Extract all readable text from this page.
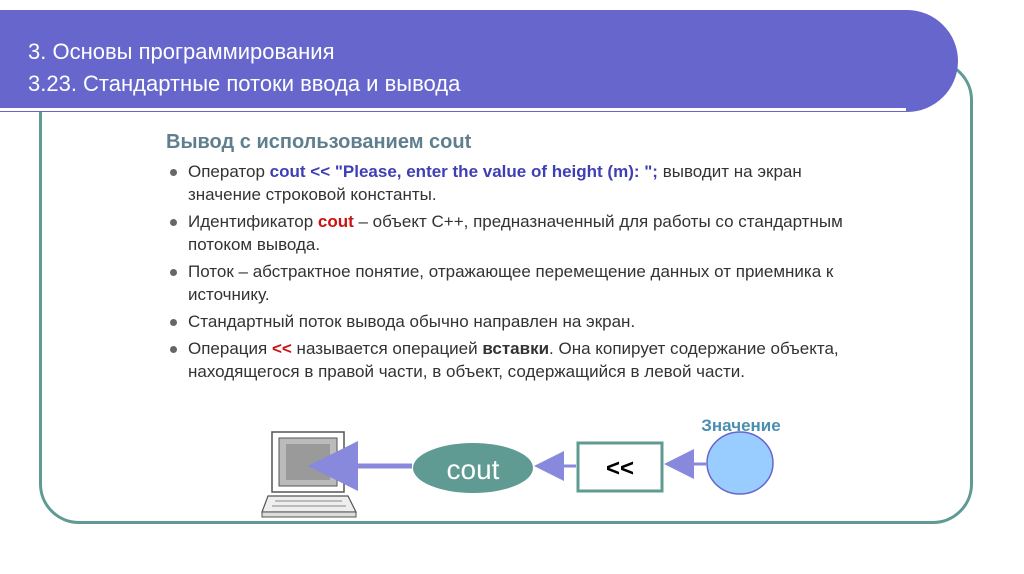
3. Основы программирования
3.23. Стандартные потоки ввода и вывода
Вывод с использованием cout
Оператор cout << "Please, enter the value of height (m): "; выводит на экран значение строковой константы.
Идентификатор cout – объект С++, предназначенный для работы со стандартным потоком вывода.
Поток – абстрактное понятие, отражающее перемещение данных от приемника к источнику.
Стандартный поток вывода обычно направлен на экран.
Операция << называется операцией вставки. Она копирует содержание объекта, находящегося в правой части, в объект, содержащийся в левой части.
cout	<<
Значение
